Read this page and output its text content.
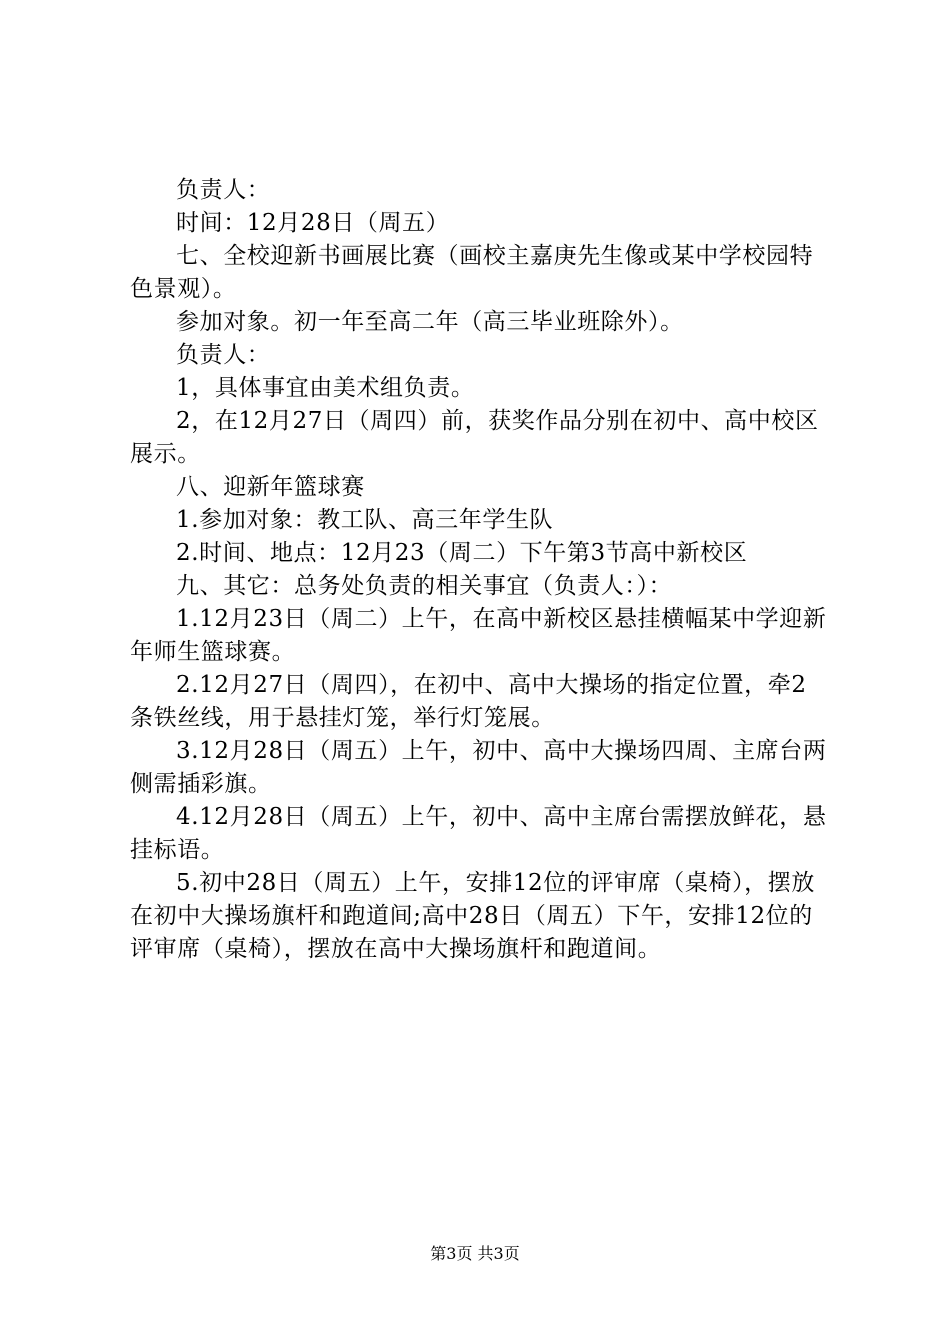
负责人：

时间：12月28日（周五）

七、全校迎新书画展比赛（画校主嘉庚先生像或某中学校园特色景观）。

参加对象。初一年至高二年（高三毕业班除外）。

负责人：

1，具体事宜由美术组负责。

2，在12月27日（周四）前，获奖作品分别在初中、高中校区展示。

八、迎新年篮球赛

1.参加对象：教工队、高三年学生队

2.时间、地点：12月23（周二）下午第3节高中新校区

九、其它：总务处负责的相关事宜（负责人：）：

1.12月23日（周二）上午，在高中新校区悬挂横幅某中学迎新年师生篮球赛。

2.12月27日（周四），在初中、高中大操场的指定位置，牵2条铁丝线，用于悬挂灯笼，举行灯笼展。

3.12月28日（周五）上午，初中、高中大操场四周、主席台两侧需插彩旗。

4.12月28日（周五）上午，初中、高中主席台需摆放鲜花，悬挂标语。

5.初中28日（周五）上午，安排12位的评审席（桌椅），摆放在初中大操场旗杆和跑道间;高中28日（周五）下午，安排12位的评审席（桌椅），摆放在高中大操场旗杆和跑道间。

第3页 共3页
